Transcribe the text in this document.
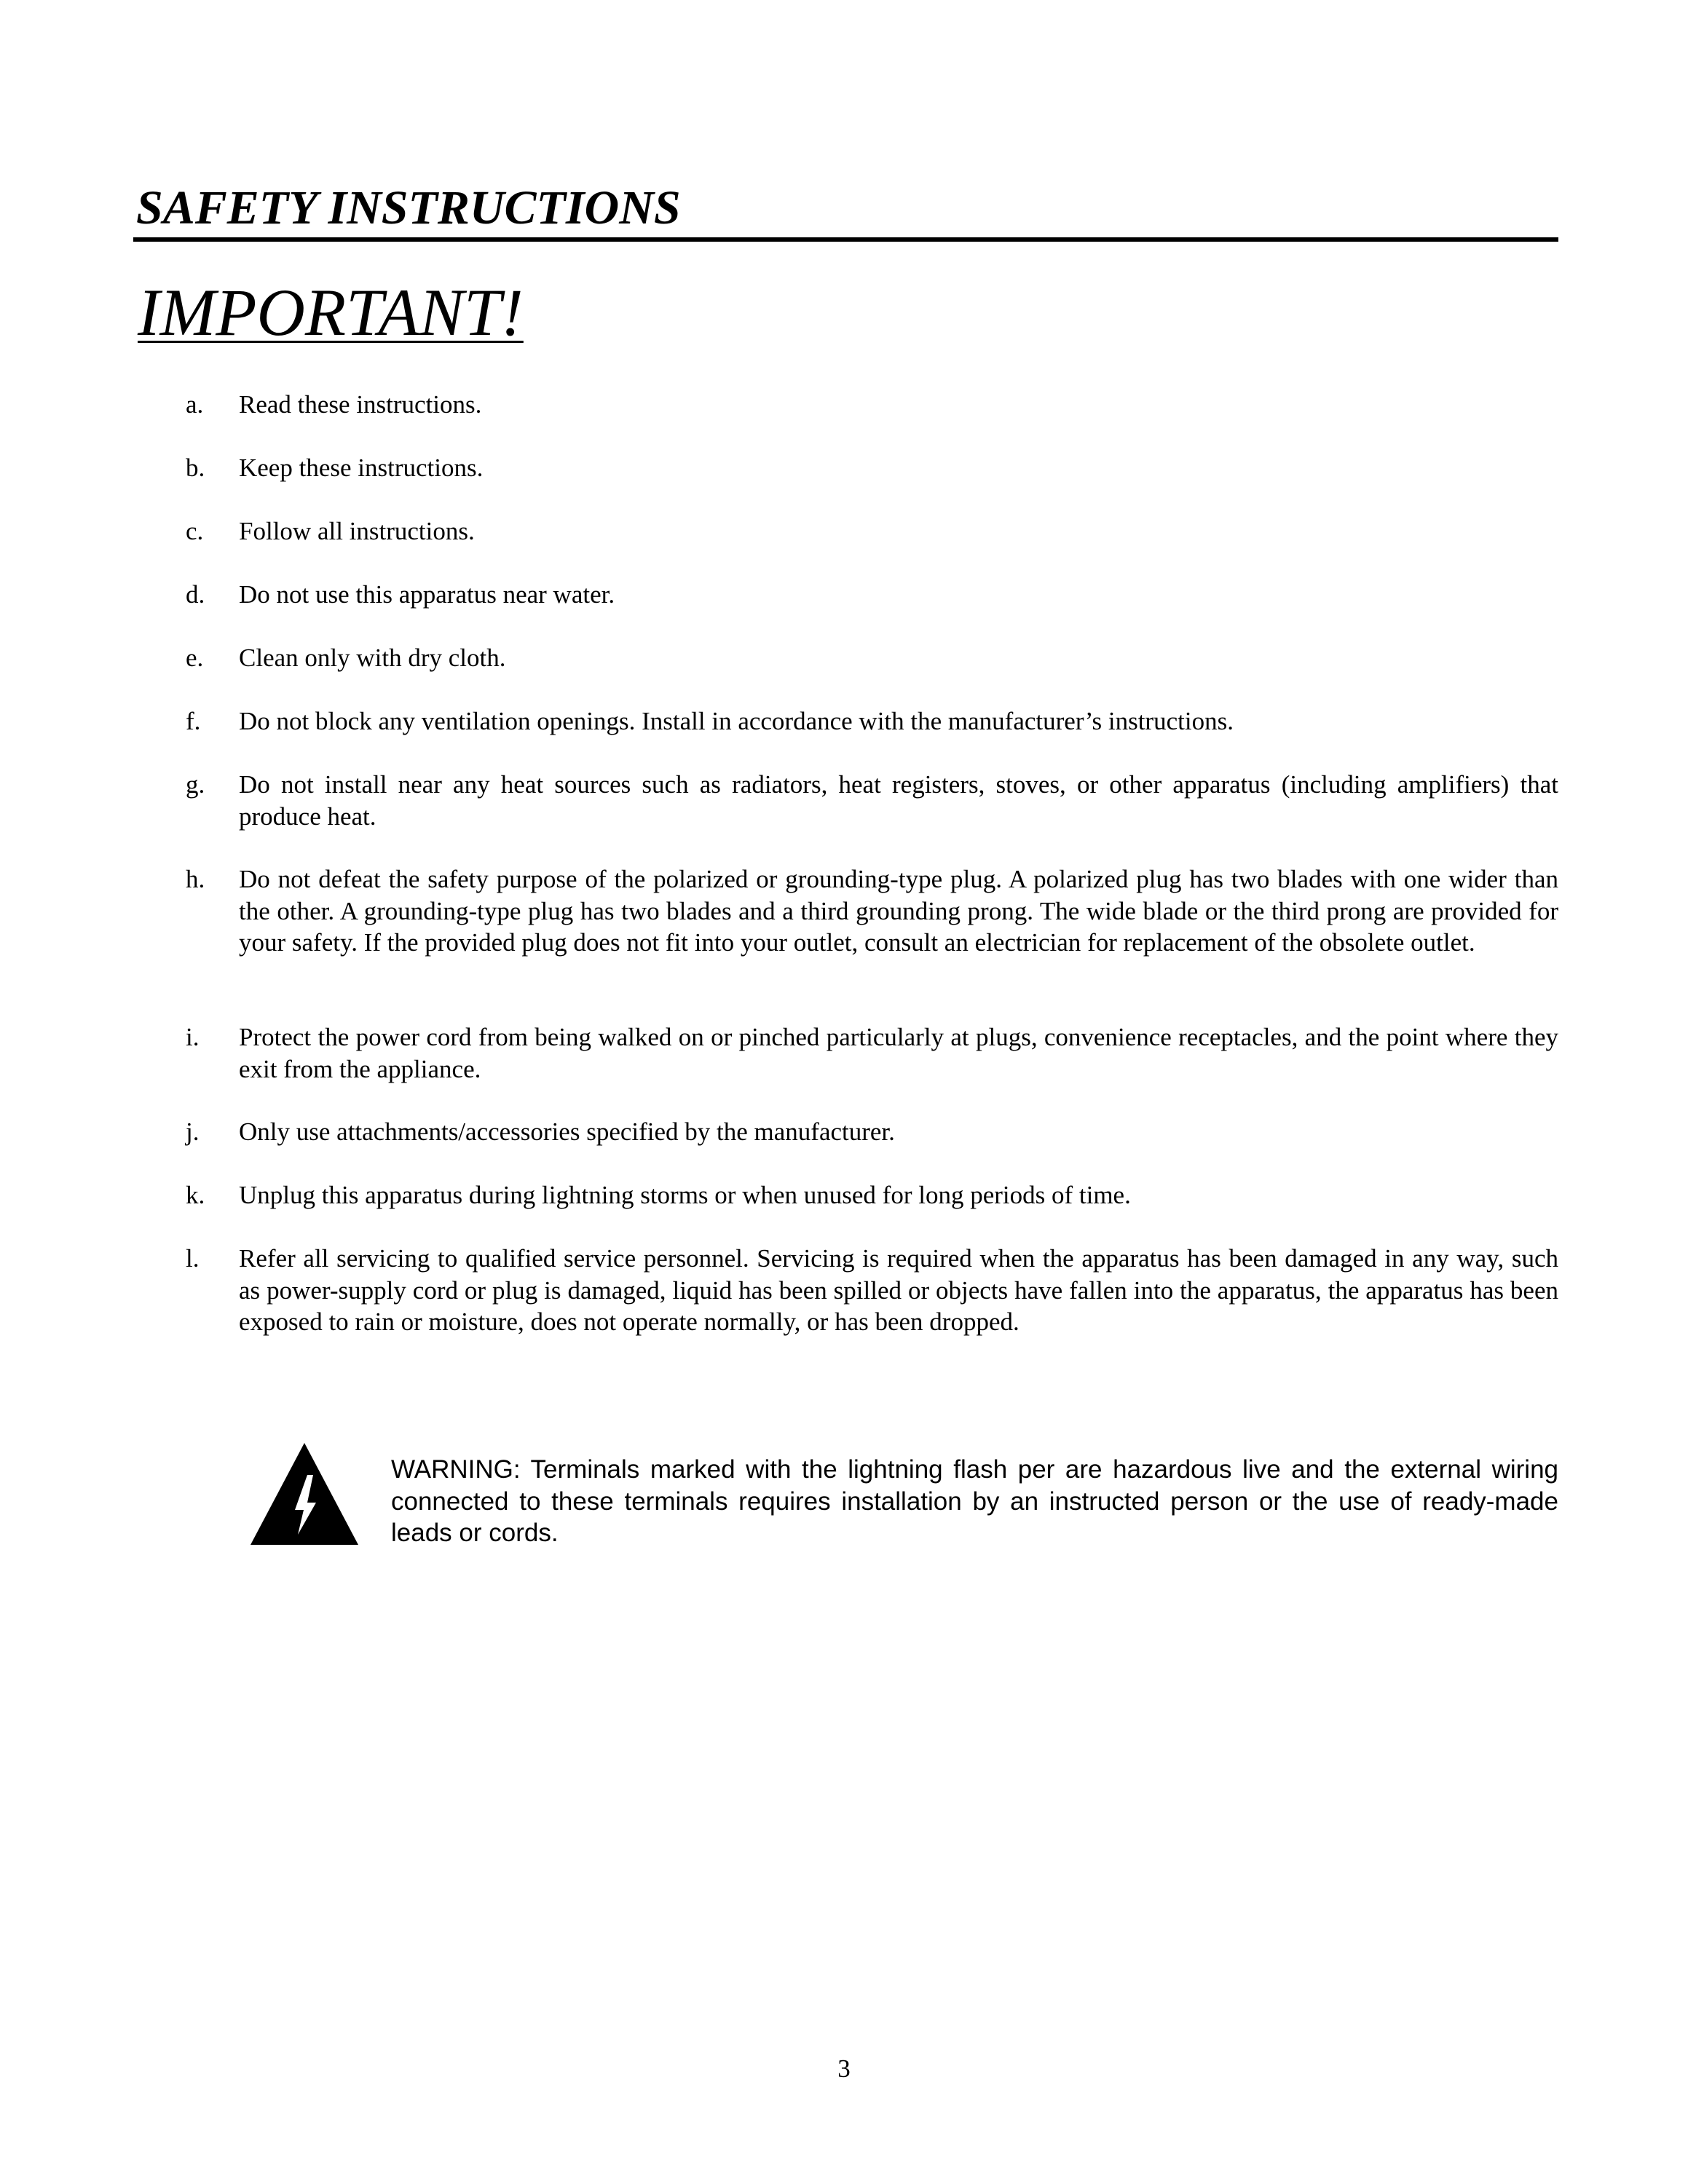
SAFETY INSTRUCTIONS
IMPORTANT!
a. Read these instructions.

b. Keep these instructions.

c. Follow all instructions.

d. Do not use this apparatus near water.

e. Clean only with dry cloth.

f. Do not block any ventilation openings. Install in accordance with the manufacturer’s instructions.

g. Do not install near any heat sources such as radiators, heat registers, stoves, or other apparatus (including amplifiers) that produce heat.

h. Do not defeat the safety purpose of the polarized or grounding-type plug. A polarized plug has two blades with one wider than the other. A grounding-type plug has two blades and a third grounding prong. The wide blade or the third prong are provided for your safety. If the provided plug does not fit into your outlet, consult an electrician for replacement of the obsolete outlet.

i. Protect the power cord from being walked on or pinched particularly at plugs, convenience receptacles, and the point where they exit from the appliance.

j. Only use attachments/accessories specified by the manufacturer.

k. Unplug this apparatus during lightning storms or when unused for long periods of time.

l. Refer all servicing to qualified service personnel. Servicing is required when the apparatus has been damaged in any way, such as power-supply cord or plug is damaged, liquid has been spilled or objects have fallen into the apparatus, the apparatus has been exposed to rain or moisture, does not operate normally, or has been dropped.

WARNING: Terminals marked with the lightning flash per are hazardous live and the external wiring connected to these terminals requires installation by an instructed person or the use of ready-made leads or cords.

3
